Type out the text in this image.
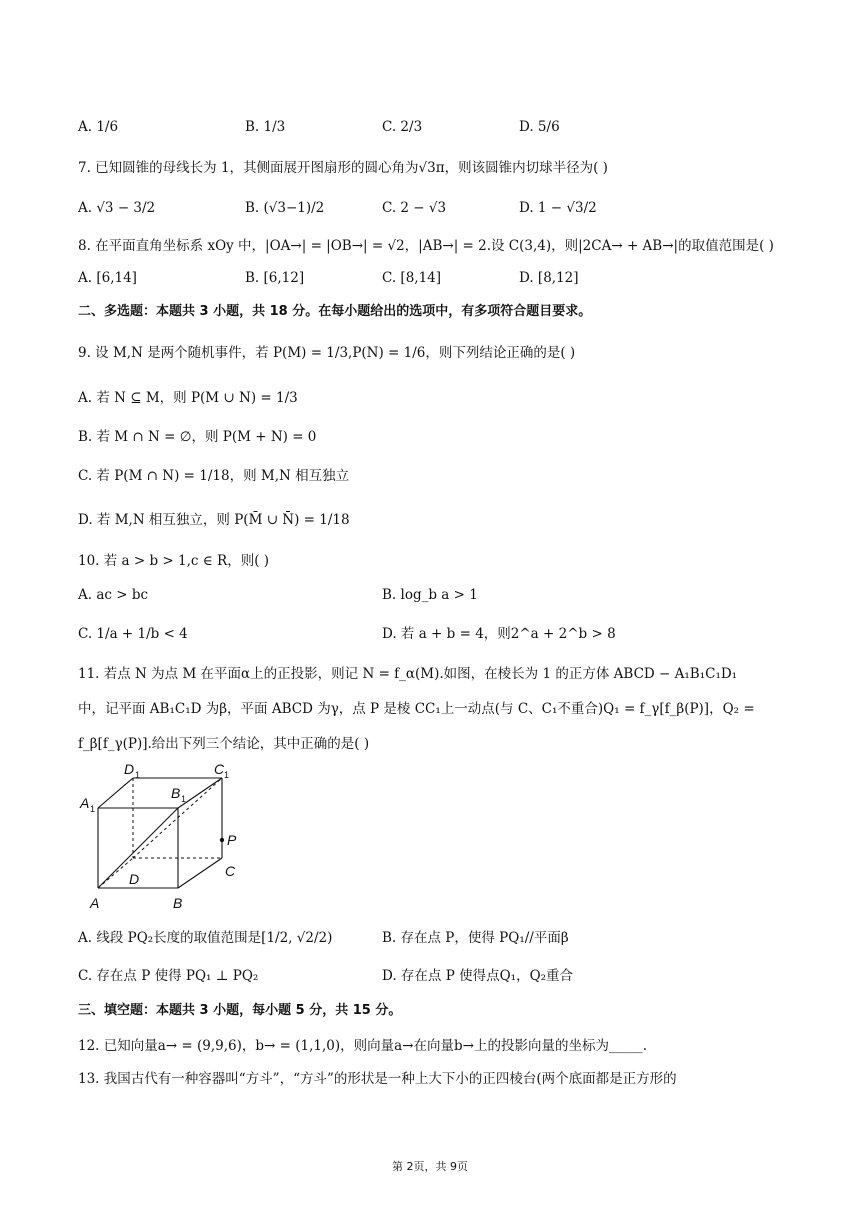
A. 1/6	B. 1/3	C. 2/3	D. 5/6
7. 已知圆锥的母线长为 1，其侧面展开图扇形的圆心角为√3π，则该圆锥内切球半径为( )
A. √3 − 3/2	B. (√3−1)/2	C. 2 − √3	D. 1 − √3/2
8. 在平面直角坐标系 xOy 中，|OA→| = |OB→| = √2，|AB→| = 2.设 C(3,4)，则|2CA→ + AB→|的取值范围是( )
A. [6,14]	B. [6,12]	C. [8,14]	D. [8,12]
二、多选题：本题共 3 小题，共 18 分。在每小题给出的选项中，有多项符合题目要求。
9. 设 M,N 是两个随机事件，若 P(M) = 1/3,P(N) = 1/6，则下列结论正确的是( )
A. 若 N ⊆ M，则 P(M ∪ N) = 1/3
B. 若 M ∩ N = ∅，则 P(M + N) = 0
C. 若 P(M ∩ N) = 1/18，则 M,N 相互独立
D. 若 M,N 相互独立，则 P(M̄ ∪ N̄) = 1/18
10. 若 a > b > 1,c ∈ R，则( )
A. ac > bc	B. log_b a > 1
C. 1/a + 1/b < 4	D. 若 a + b = 4，则2^a + 2^b > 8
11. 若点 N 为点 M 在平面α上的正投影，则记 N = f_α(M).如图，在棱长为 1 的正方体 ABCD − A₁B₁C₁D₁
中，记平面 AB₁C₁D 为β，平面 ABCD 为γ，点 P 是棱 CC₁上一动点(与 C、C₁不重合)Q₁ = f_γ[f_β(P)]，Q₂ =
f_β[f_γ(P)].给出下列三个结论，其中正确的是( )
D 1	C 1
A 1
B 1
P
C
D
A	B
A. 线段 PQ₂长度的取值范围是[1/2, √2/2)	B. 存在点 P，使得 PQ₁//平面β
C. 存在点 P 使得 PQ₁ ⊥ PQ₂	D. 存在点 P 使得点Q₁，Q₂重合
三、填空题：本题共 3 小题，每小题 5 分，共 15 分。
12. 已知向量a→ = (9,9,6)，b→ = (1,1,0)，则向量a→在向量b→上的投影向量的坐标为_____.
13. 我国古代有一种容器叫“方斗”，“方斗”的形状是一种上大下小的正四棱台(两个底面都是正方形的
第 2页，共 9页
